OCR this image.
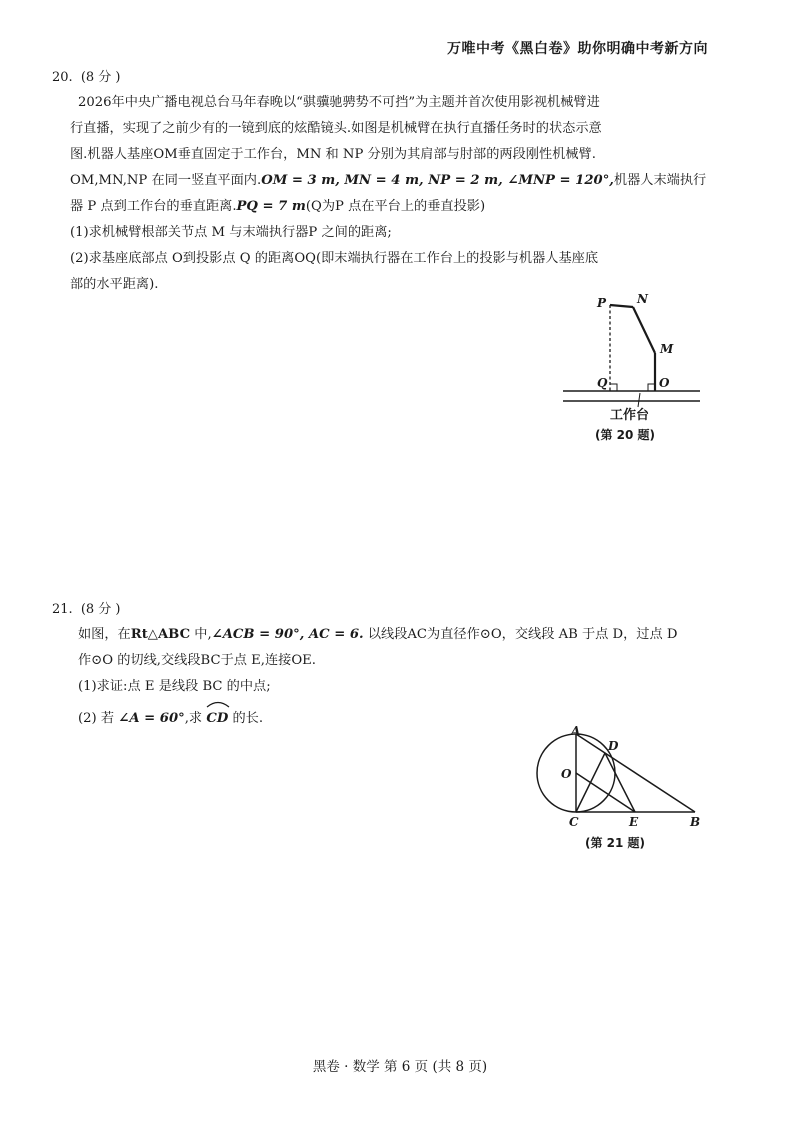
万唯中考《黑白卷》助你明确中考新方向
20. (8 分 )
2026年中央广播电视总台马年春晚以“骐骥驰骋势不可挡”为主题并首次使用影视机械臂进
行直播，实现了之前少有的一镜到底的炫酷镜头.如图是机械臂在执行直播任务时的状态示意
图.机器人基座OM垂直固定于工作台，MN 和 NP 分别为其肩部与肘部的两段刚性机械臂.
OM,MN,NP 在同一竖直平面内.OM = 3 m, MN = 4 m, NP = 2 m, ∠MNP = 120°,机器人末端执行
器 P 点到工作台的垂直距离.PQ = 7 m(Q为P 点在平台上的垂直投影)
(1)求机械臂根部关节点 M 与末端执行器P 之间的距离;
(2)求基座底部点 O到投影点 Q 的距离OQ(即末端执行器在工作台上的投影与机器人基座底
部的水平距离).
P	N
M
Q	O
工作台
(第 20 题)
21. (8 分 )
如图，在Rt△ABC 中,∠ACB = 90°, AC = 6. 以线段AC为直径作⊙O，交线段 AB 于点 D，过点 D
作⊙O 的切线,交线段BC于点 E,连接OE.
(1)求证:点 E 是线段 BC 的中点;
(2) 若 ∠A = 60°,求 CD 的长.
A
D
O
C	E	B
(第 21 题)
黑卷 · 数学 第 6 页 (共 8 页)
